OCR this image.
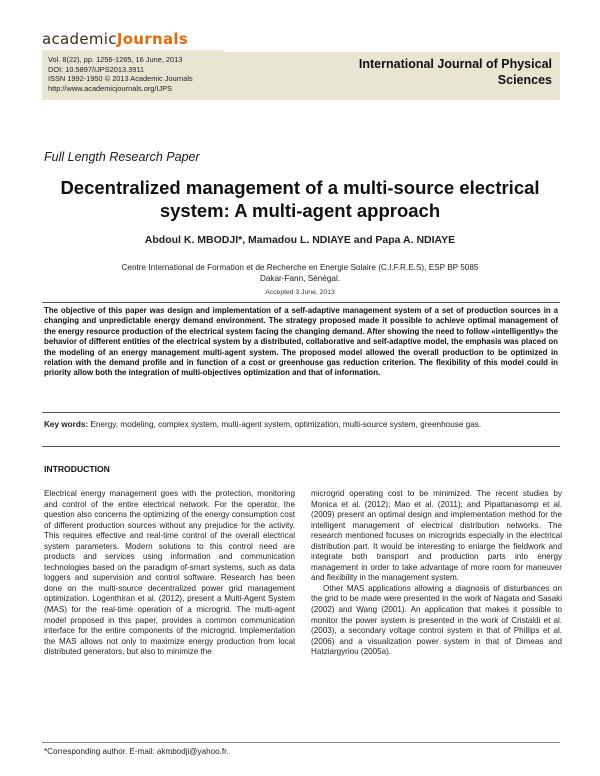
academicJournals
Vol. 8(22), pp. 1256-1265, 16 June, 2013
DOI: 10.5897/IJPS2013.3911
ISSN 1992-1950 © 2013 Academic Journals
http://www.academicjournals.org/IJPS
International Journal of Physical Sciences
Full Length Research Paper
Decentralized management of a multi-source electrical system: A multi-agent approach
Abdoul K. MBODJI*, Mamadou L. NDIAYE and Papa A. NDIAYE
Centre International de Formation et de Recherche en Energie Solaire (C.I.F.R.E.S), ESP BP 5085
Dakar-Fann, Sénégal.
Accepted 3 June, 2013
The objective of this paper was design and implementation of a self-adaptive management system of a set of production sources in a changing and unpredictable energy demand environment. The strategy proposed made it possible to achieve optimal management of the energy resource production of the electrical system facing the changing demand. After showing the need to follow «intelligently» the behavior of different entities of the electrical system by a distributed, collaborative and self-adaptive model, the emphasis was placed on the modeling of an energy management multi-agent system. The proposed model allowed the overall production to be optimized in relation with the demand profile and in function of a cost or greenhouse gas reduction criterion. The flexibility of this model could in priority allow both the integration of multi-objectives optimization and that of information.
Key words: Energy, modeling, complex system, multi-agent system, optimization, multi-source system, greenhouse gas.
INTRODUCTION

Electrical energy management goes with the protection, monitoring and control of the entire electrical network. For the operator, the question also concerns the optimizing of the energy consumption cost of different production sources without any prejudice for the activity. This requires effective and real-time control of the overall electrical system parameters. Modern solutions to this control need are products and services using information and communication technologies based on the paradigm of-smart systems, such as data loggers and supervision and control software. Research has been done on the multi-source decentralized power grid management optimization. Logenthiran et al. (2012), present a Multi-Agent System (MAS) for the real-time operation of a microgrid. The multi-agent model proposed in this paper, provides a common communication interface for the entire components of the microgrid. Implementation the MAS allows not only to maximize energy production from local distributed generators, but also to minimize the

microgrid operating cost to be minimized. The recent studies by Monica et al. (2012); Mao et al. (2011); and Pipattanasomp et al. (2009) present an optimal design and implementation method for the intelligent management of electrical distribution networks. The research mentioned focuses on microgrids especially in the electrical distribution part. It would be interesting to enlarge the fieldwork and integrate both transport and production parts into energy management in order to take advantage of more room for maneuver and flexibility in the management system.

Other MAS applications allowing a diagnosis of disturbances on the grid to be made were presented in the work of Nagata and Sasaki (2002) and Wang (2001). An application that makes it possible to monitor the power system is presented in the work of Cristaldi et al. (2003), a secondary voltage control system in that of Phillips et al. (2006) and a visualization power system in that of Dimeas and Hatziargyriou (2005a).

*Corresponding author. E-mail: akmbodji@yahoo.fr.
